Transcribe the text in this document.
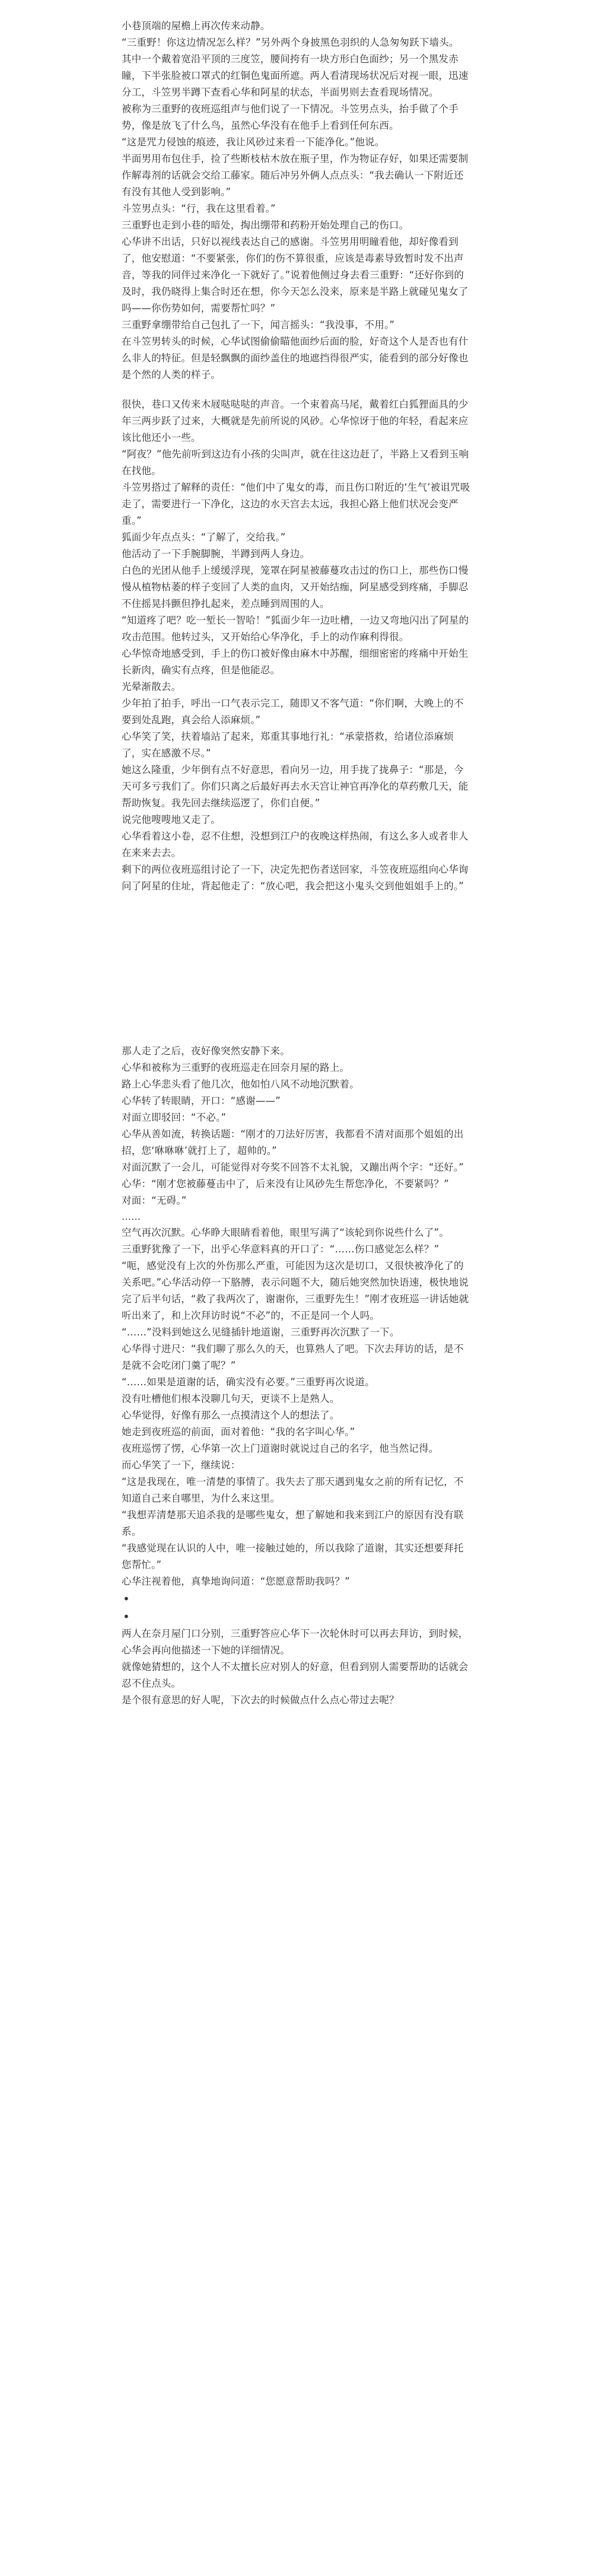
小巷顶端的屋檐上再次传来动静。

“三重野！你这边情况怎么样？”另外两个身披黑色羽织的人急匆匆跃下墙头。

其中一个戴着宽沿平顶的三度笠，腰间挎有一块方形白色面纱；另一个黑发赤瞳，下半张脸被口罩式的红铜色鬼面所遮。两人看清现场状况后对视一眼，迅速分工，斗笠男半蹲下查看心华和阿星的状态，半面男则去查看现场情况。

被称为三重野的夜班巡组声与他们说了一下情况。斗笠男点头，抬手做了个手势，像是放飞了什么鸟，虽然心华没有在他手上看到任何东西。

“这是咒力侵蚀的痕迹，我让风砂过来看一下能净化。”他说。

半面男用布包住手，捡了些断枝枯木放在瓶子里，作为物证存好，如果还需要制作解毒剂的话就会交给工藤家。随后冲另外俩人点点头：“我去确认一下附近还有没有其他人受到影响。”

斗笠男点头：“行，我在这里看着。”

三重野也走到小巷的暗处，掏出绷带和药粉开始处理自己的伤口。

心华讲不出话，只好以视线表达自己的感谢。斗笠男用明瞳看他，却好像看到了，他安慰道：“不要紧张，你们的伤不算很重，应该是毒素导致暂时发不出声音，等我的同伴过来净化一下就好了。”说着他侧过身去看三重野：“还好你到的及时，我仍晓得上集合时还在想，你今天怎么没来，原来是半路上就碰见鬼女了吗——你伤势如何，需要帮忙吗？”

三重野拿绷带给自己包扎了一下，闻言摇头：“我没事，不用。”

在斗笠男转头的时候，心华试图偷偷瞄他面纱后面的脸，好奇这个人是否也有什么非人的特征。但是轻飘飘的面纱盖住的地遮挡得很严实，能看到的部分好像也是个然的人类的样子。

很快，巷口又传来木屐哒哒哒的声音。一个束着高马尾，戴着红白狐狸面具的少年三两步跃了过来，大概就是先前所说的风砂。心华惊讶于他的年轻，看起来应该比他还小一些。

“阿夜？”他先前听到这边有小孩的尖叫声，就在往这边赶了，半路上又看到玉响在找他。

斗笠男搭过了解释的责任：“他们中了鬼女的毒，而且伤口附近的‘生气’被诅咒吸走了，需要进行一下净化，这边的水天宫去太远，我担心路上他们状况会变严重。”

狐面少年点点头：“了解了，交给我。”

他活动了一下手腕脚腕，半蹲到两人身边。

白色的光团从他手上缓缓浮现，笼罩在阿星被藤蔓攻击过的伤口上，那些伤口慢慢从植物枯萎的样子变回了人类的血肉，又开始结痂，阿星感受到疼痛，手脚忍不住摇晃抖颤但挣扎起来，差点睡到周围的人。

“知道疼了吧？吃一堑长一智哈！”狐面少年一边吐槽，一边又弯地闪出了阿星的攻击范围。他转过头，又开始给心华净化，手上的动作麻利得很。

心华惊奇地感受到，手上的伤口被好像由麻木中苏醒，细细密密的疼痛中开始生长新肉，确实有点疼，但是他能忍。

光晕渐散去。

少年拍了拍手，呼出一口气表示完工，随即又不客气道：“你们啊，大晚上的不要到处乱跑，真会给人添麻烦。”

心华笑了笑，扶着墙站了起来，郑重其事地行礼：“承蒙搭救，给诸位添麻烦了，实在感激不尽。”

她这么隆重，少年倒有点不好意思，看向另一边，用手拢了拢鼻子：“那是，今天可多亏我们了。你们只离之后最好再去水天宫让神官再净化的草药敷几天，能帮助恢复。我先回去继续巡逻了，你们自便。”

说完他嗖嗖地又走了。

心华看着这小卷，忍不住想，没想到江户的夜晚这样热闹，有这么多人或者非人在来来去去。

剩下的两位夜班巡组讨论了一下，决定先把伤者送回家，斗笠夜班巡组向心华询问了阿星的住址，背起他走了：“放心吧，我会把这小鬼头交到他姐姐手上的。”

那人走了之后，夜好像突然安静下来。

心华和被称为三重野的夜班巡走在回奈月屋的路上。

路上心华悲头看了他几次，他如怕八风不动地沉默着。

心华转了转眼睛，开口：“感谢——”

对面立即驳回：“不必。”

心华从善如流，转换话题：“刚才的刀法好厉害，我都看不清对面那个姐姐的出招，您‘咻咻咻’就打上了，超帅的。”

对面沉默了一会儿，可能觉得对夸奖不回答不太礼貌，又蹦出两个字：“还好。”

心华：“刚才您被藤蔓击中了，后来没有让风砂先生帮您净化，不要紧吗？”

对面：“无碍。”

……

空气再次沉默。心华睁大眼睛看着他，眼里写满了“该轮到你说些什么了”。

三重野犹豫了一下，出乎心华意料真的开口了：“……伤口感觉怎么样？”

“呃，感觉没有上次的外伤那么严重，可能因为这次是切口，又很快被净化了的关系吧。”心华活动停一下胳膊，表示问题不大，随后她突然加快语速，极快地说完了后半句话，“救了我两次了，谢谢你，三重野先生！”刚才夜班巡一讲话她就听出来了，和上次拜访时说“不必”的，不正是同一个人吗。

“……”没料到她这么见缝插针地道谢，三重野再次沉默了一下。

心华得寸进尺：“我们聊了那么久的天，也算熟人了吧。下次去拜访的话，是不是就不会吃闭门羹了呢？”

“……如果是道谢的话，确实没有必要。”三重野再次说道。

没有吐槽他们根本没聊几句天，更谈不上是熟人。

心华觉得，好像有那么一点摸清这个人的想法了。

她走到夜班巡的前面，面对着他：“我的名字叫心华。”

夜班巡愣了愣，心华第一次上门道谢时就说过自己的名字，他当然记得。

而心华笑了一下，继续说：

“这是我现在，唯一清楚的事情了。我失去了那天遇到鬼女之前的所有记忆，不知道自己来自哪里，为什么来这里。

“我想弄清楚那天追杀我的是哪些鬼女，想了解她和我来到江户的原因有没有联系。

“我感觉现在认识的人中，唯一接触过她的，所以我除了道谢，其实还想要拜托您帮忙。”

心华注视着他，真挚地询问道：“您愿意帮助我吗？”

•

•

两人在奈月屋门口分别，三重野答应心华下一次轮休时可以再去拜访，到时候，心华会再向他描述一下她的详细情况。

就像她猜想的，这个人不太擅长应对别人的好意，但看到别人需要帮助的话就会忍不住点头。

是个很有意思的好人呢，下次去的时候做点什么点心带过去呢？
